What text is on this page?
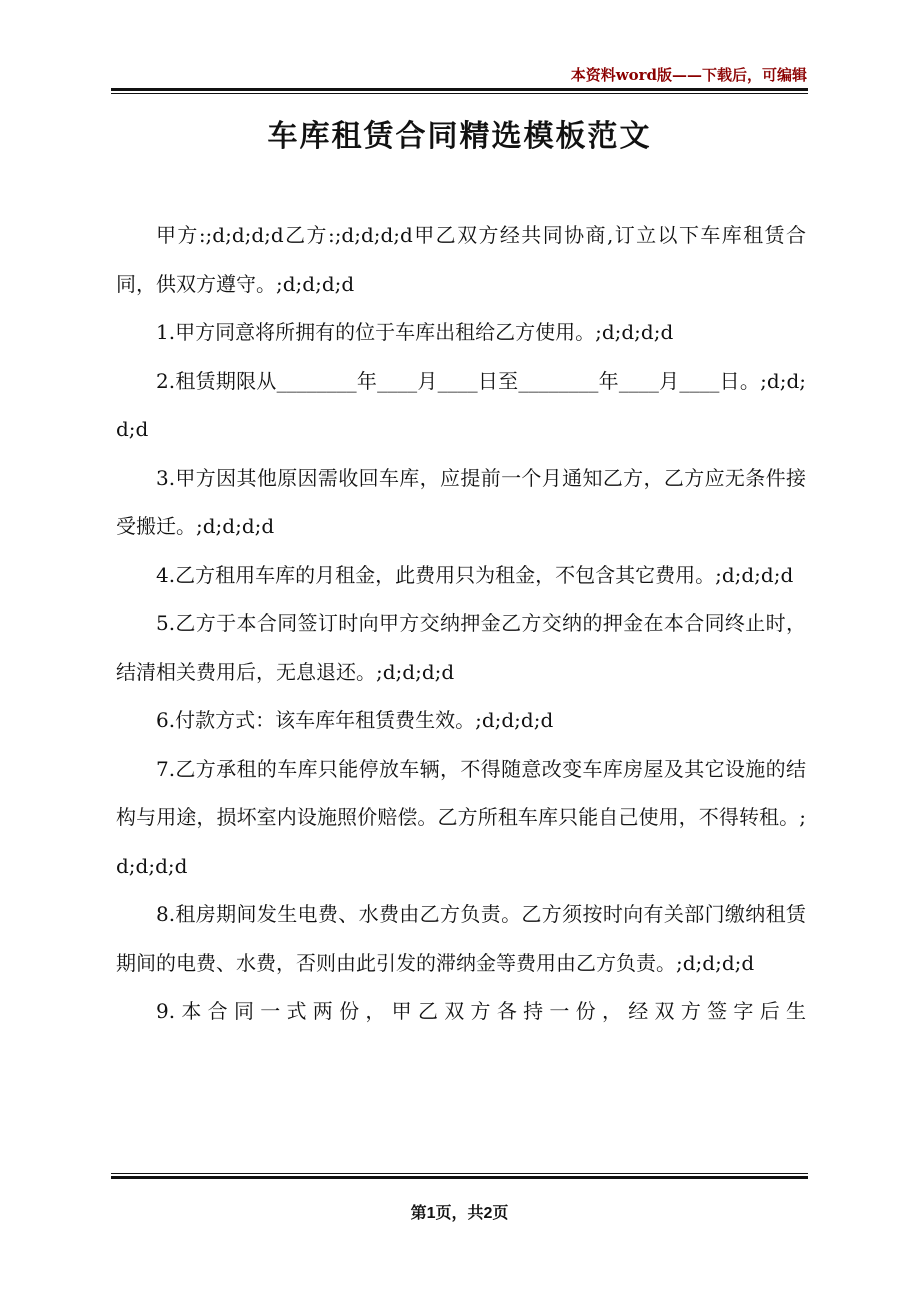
本资料word版——下载后，可编辑
车库租赁合同精选模板范文

甲方:;d;d;d;d乙方:;d;d;d;d甲乙双方经共同协商,订立以下车库租赁合同，供双方遵守。;d;d;d;d

1.甲方同意将所拥有的位于车库出租给乙方使用。;d;d;d;d

2.租赁期限从________年____月____日至________年____月____日。;d;d;d;d

3.甲方因其他原因需收回车库，应提前一个月通知乙方，乙方应无条件接受搬迁。;d;d;d;d

4.乙方租用车库的月租金，此费用只为租金，不包含其它费用。;d;d;d;d

5.乙方于本合同签订时向甲方交纳押金乙方交纳的押金在本合同终止时，结清相关费用后，无息退还。;d;d;d;d

6.付款方式：该车库年租赁费生效。;d;d;d;d

7.乙方承租的车库只能停放车辆，不得随意改变车库房屋及其它设施的结构与用途，损坏室内设施照价赔偿。乙方所租车库只能自己使用，不得转租。;d;d;d;d

8.租房期间发生电费、水费由乙方负责。乙方须按时向有关部门缴纳租赁期间的电费、水费，否则由此引发的滞纳金等费用由乙方负责。;d;d;d;d

9.本合同一式两份，甲乙双方各持一份，经双方签字后生

第1页，共2页
